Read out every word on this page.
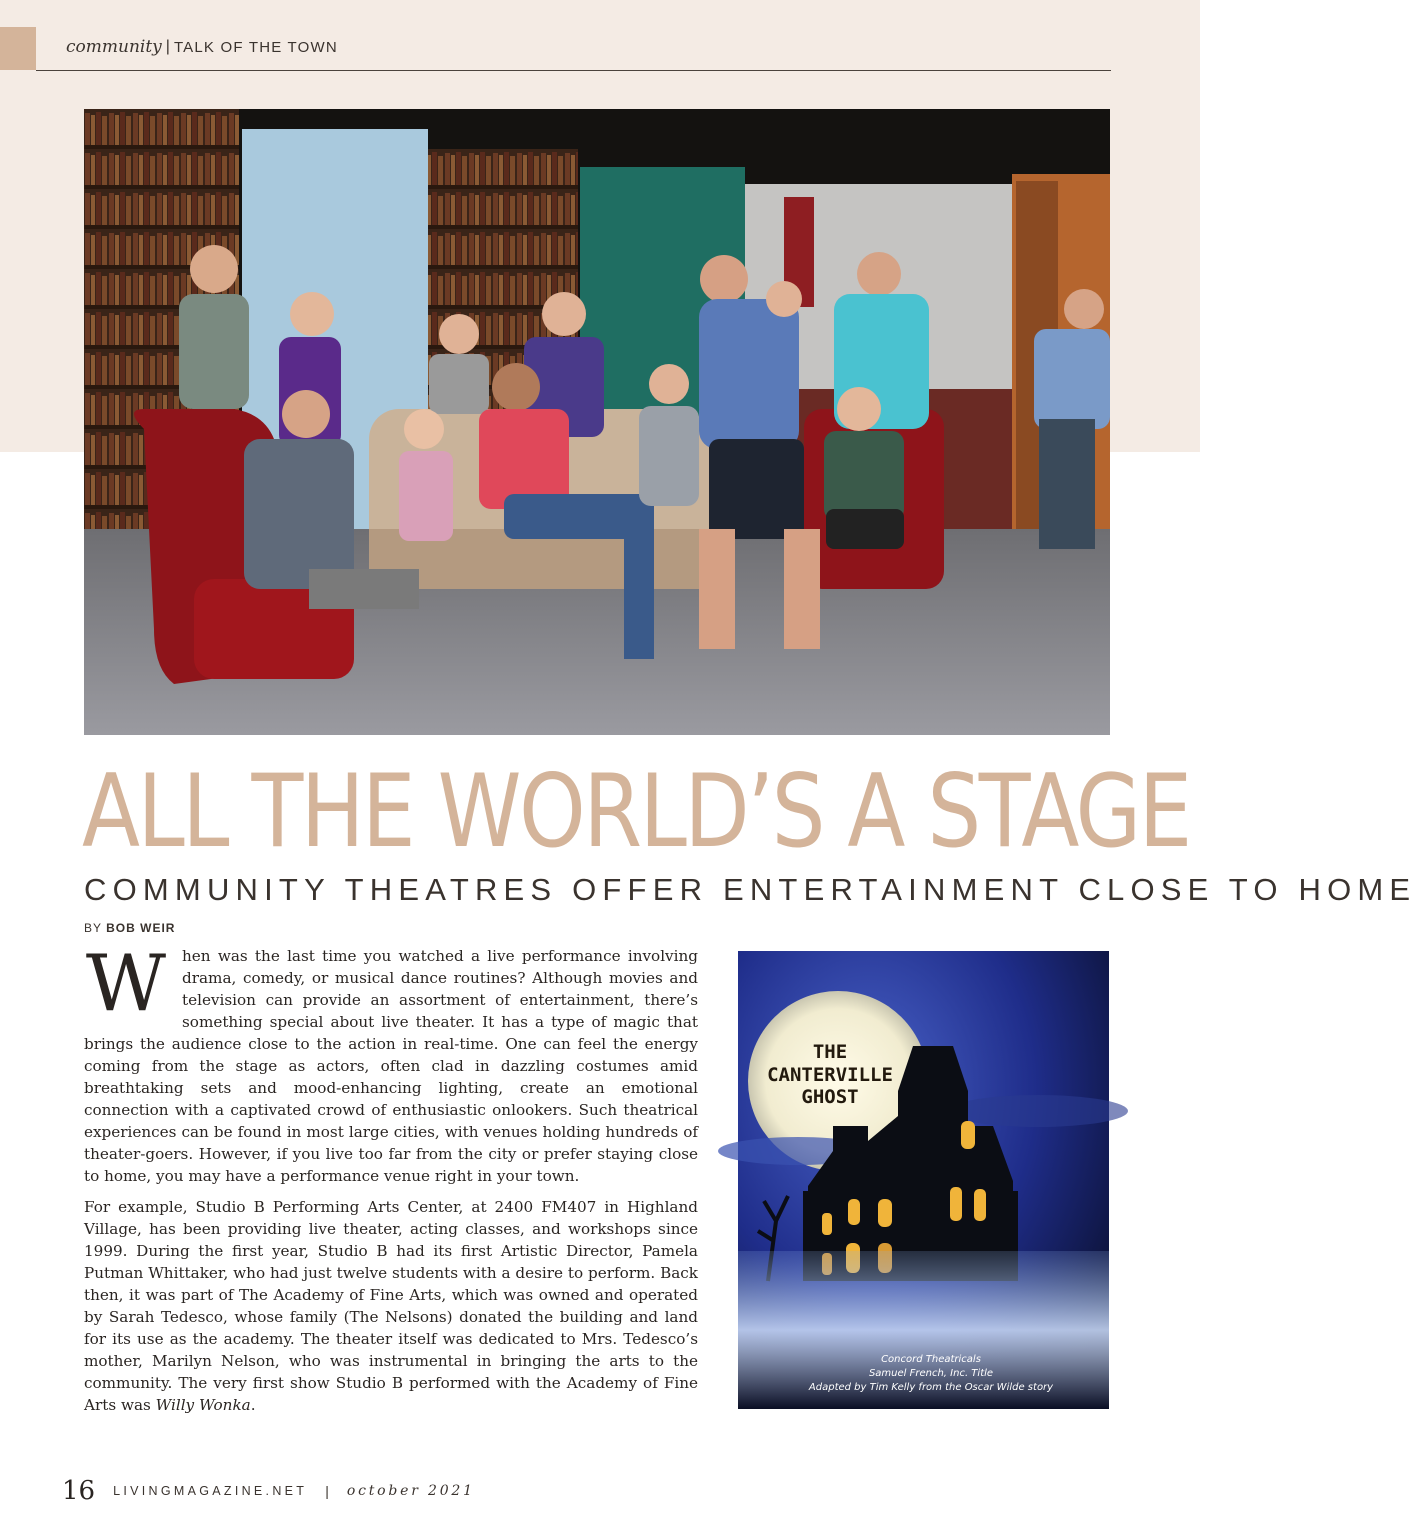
community | TALK OF THE TOWN
ALL THE WORLD’S A STAGE
COMMUNITY THEATRES OFFER ENTERTAINMENT CLOSE TO HOME
BY BOB WEIR

W hen was the last time you watched a live performance involving drama, comedy, or musical dance routines? Although movies and television can provide an assortment of entertainment, there’s something special about live theater. It has a type of magic that brings the audience close to the action in real-time. One can feel the energy coming from the stage as actors, often clad in dazzling costumes amid breathtaking sets and mood-enhancing lighting, create an emotional connection with a captivated crowd of enthusiastic onlookers. Such theatrical experiences can be found in most large cities, with venues holding hundreds of theater-goers. However, if you live too far from the city or prefer staying close to home, you may have a performance venue right in your town.

For example, Studio B Performing Arts Center, at 2400 FM407 in Highland Village, has been providing live theater, acting classes, and workshops since 1999. During the first year, Studio B had its first Artistic Director, Pamela Putman Whittaker, who had just twelve students with a desire to perform. Back then, it was part of The Academy of Fine Arts, which was owned and operated by Sarah Tedesco, whose family (The Nelsons) donated the building and land for its use as the academy. The theater itself was dedicated to Mrs. Tedesco’s mother, Marilyn Nelson, who was instrumental in bringing the arts to the community. The very first show Studio B performed with the Academy of Fine Arts was Willy Wonka.

THE
CANTERVILLE
GHOST
Concord Theatricals
Samuel French, Inc. Title
Adapted by Tim Kelly from the Oscar Wilde story
16 LIVINGMAGAZINE.NET | october 2021
